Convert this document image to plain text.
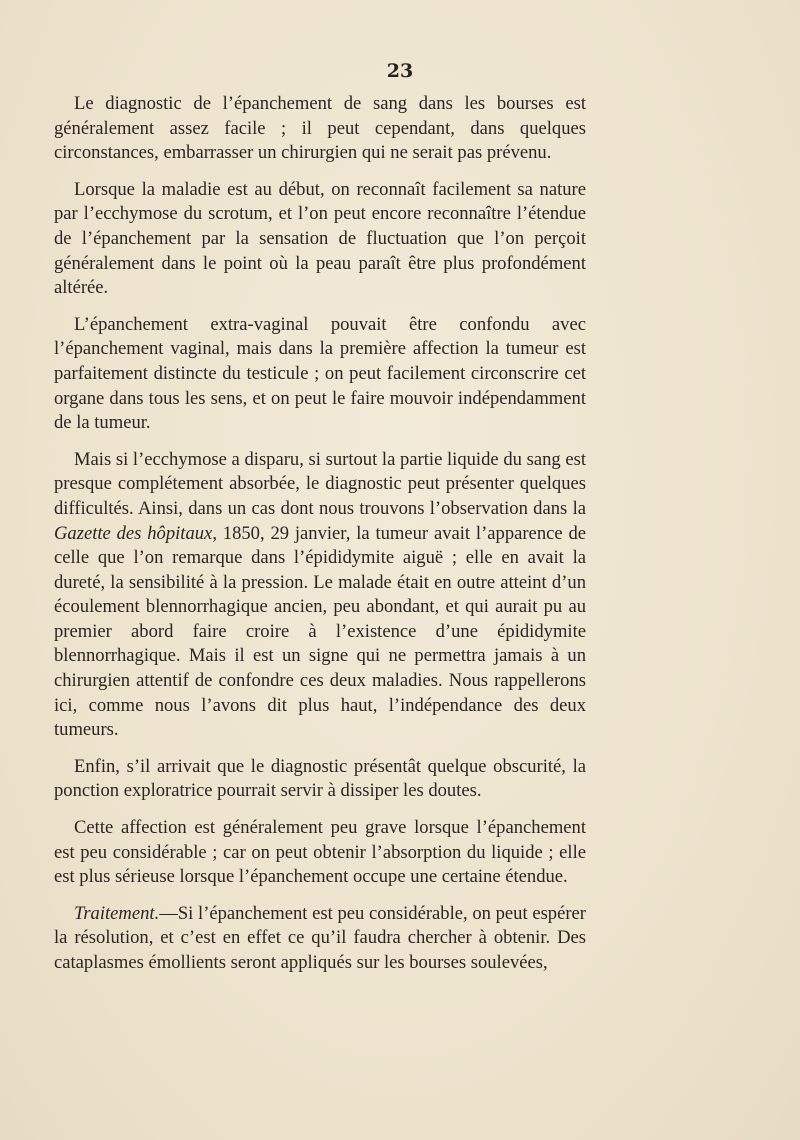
23

Le diagnostic de l’épanchement de sang dans les bourses est généralement assez facile ; il peut cependant, dans quelques circonstances, embarrasser un chirurgien qui ne serait pas prévenu.

Lorsque la maladie est au début, on reconnaît facilement sa nature par l’ecchymose du scrotum, et l’on peut encore reconnaître l’étendue de l’épanchement par la sensation de fluctuation que l’on perçoit généralement dans le point où la peau paraît être plus profondément altérée.

L’épanchement extra-vaginal pouvait être confondu avec l’épanchement vaginal, mais dans la première affection la tumeur est parfaitement distincte du testicule ; on peut facilement circonscrire cet organe dans tous les sens, et on peut le faire mouvoir indépendamment de la tumeur.

Mais si l’ecchymose a disparu, si surtout la partie liquide du sang est presque complétement absorbée, le diagnostic peut présenter quelques difficultés. Ainsi, dans un cas dont nous trouvons l’observation dans la Gazette des hôpitaux, 1850, 29 janvier, la tumeur avait l’apparence de celle que l’on remarque dans l’épididymite aiguë ; elle en avait la dureté, la sensibilité à la pression. Le malade était en outre atteint d’un écoulement blennorrhagique ancien, peu abondant, et qui aurait pu au premier abord faire croire à l’existence d’une épididymite blennorrhagique. Mais il est un signe qui ne permettra jamais à un chirurgien attentif de confondre ces deux maladies. Nous rappellerons ici, comme nous l’avons dit plus haut, l’indépendance des deux tumeurs.

Enfin, s’il arrivait que le diagnostic présentât quelque obscurité, la ponction exploratrice pourrait servir à dissiper les doutes.

Cette affection est généralement peu grave lorsque l’épanchement est peu considérable ; car on peut obtenir l’absorption du liquide ; elle est plus sérieuse lorsque l’épanchement occupe une certaine étendue.

Traitement.—Si l’épanchement est peu considérable, on peut espérer la résolution, et c’est en effet ce qu’il faudra chercher à obtenir. Des cataplasmes émollients seront appliqués sur les bourses soulevées,
